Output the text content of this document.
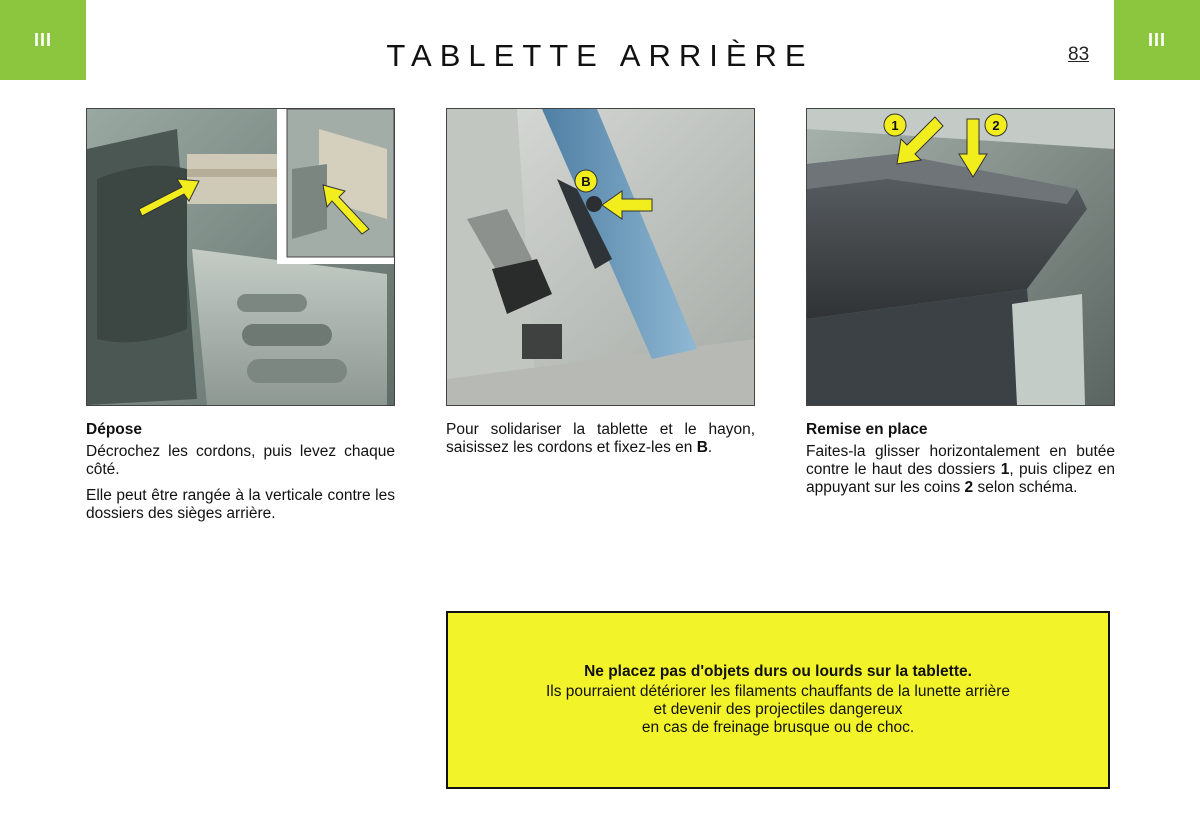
III	III
TABLETTE ARRIÈRE	83
B
1	2
Dépose

Décrochez les cordons, puis levez chaque côté.

Elle peut être rangée à la verticale contre les dossiers des sièges arrière.

Pour solidariser la tablette et le hayon, saisissez les cordons et fixez-les en B.

Remise en place

Faites-la glisser horizontalement en butée contre le haut des dossiers 1, puis clipez en appuyant sur les coins 2 selon schéma.

Ne placez pas d'objets durs ou lourds sur la tablette.
Ils pourraient détériorer les filaments chauffants de la lunette arrière
et devenir des projectiles dangereux
en cas de freinage brusque ou de choc.
